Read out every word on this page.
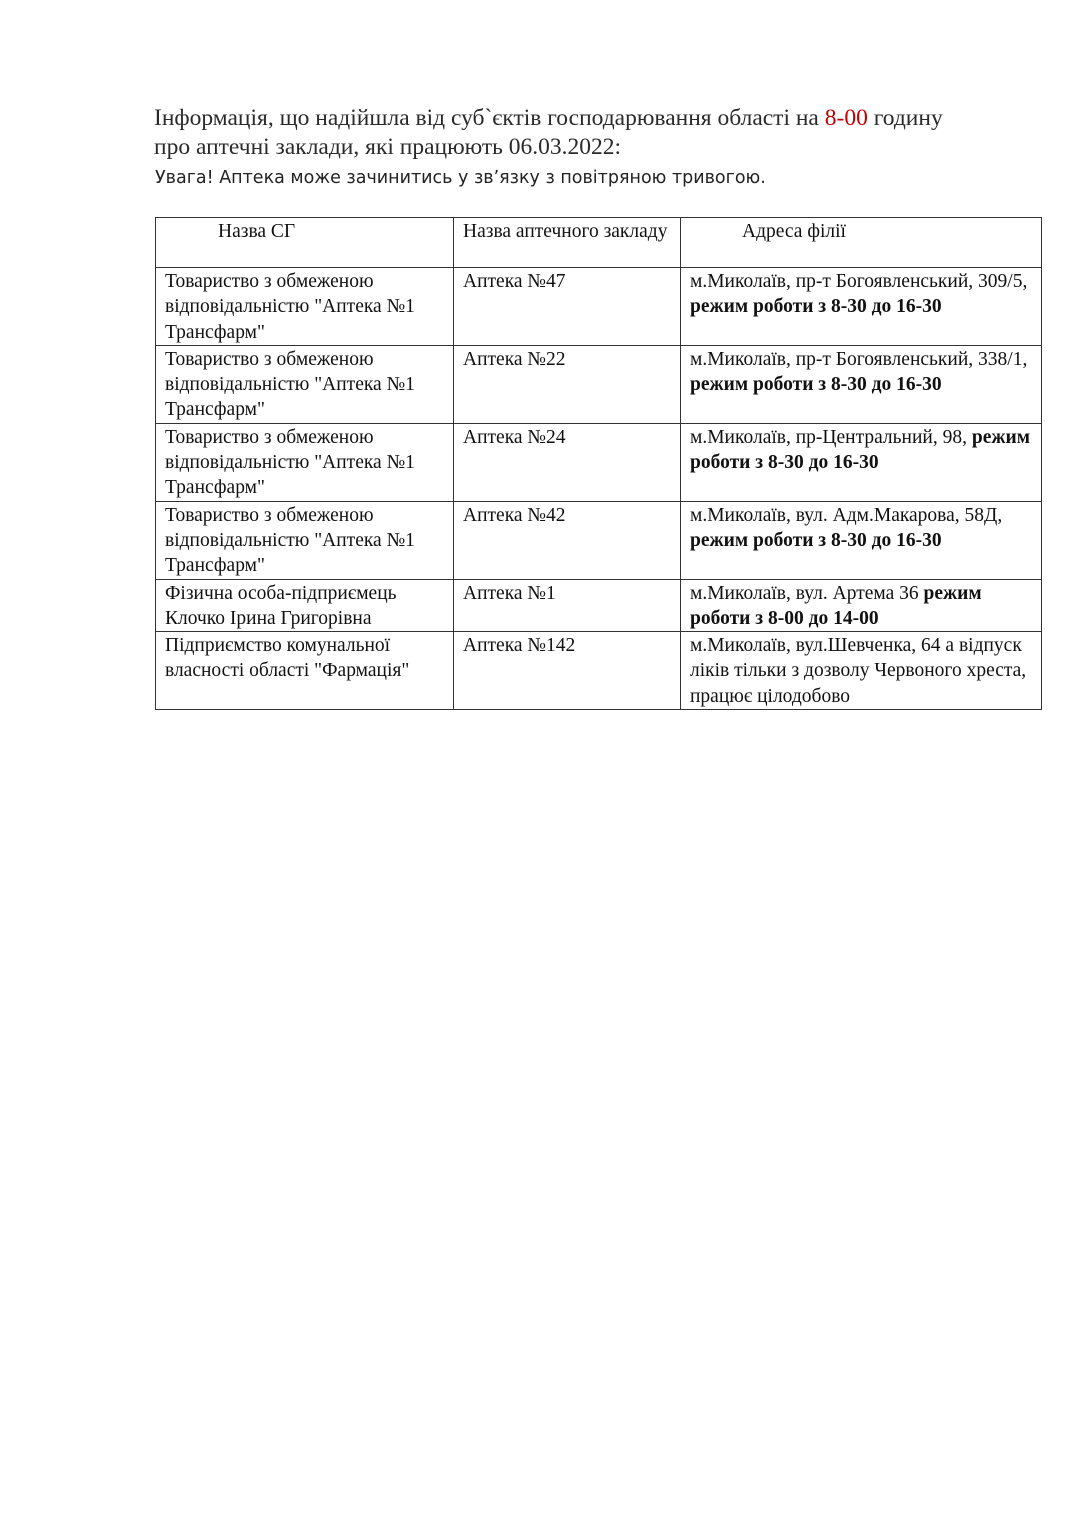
Інформація, що надійшла від суб`єктів господарювання області на 8-00 годину
про аптечні заклади, які працюють 06.03.2022:
Увага! Аптека може зачинитись у звʼязку з повітряною тривогою.
Назва СГ	Назва аптечного закладу	Адреса філії
Товариство з обмеженою відповідальністю "Аптека №1 Трансфарм"	Аптека №47	м.Миколаїв, пр-т Богоявленський, 309/5, режим роботи з 8-30 до 16-30
Товариство з обмеженою відповідальністю "Аптека №1 Трансфарм"	Аптека №22	м.Миколаїв, пр-т Богоявленський, 338/1, режим роботи з 8-30 до 16-30
Товариство з обмеженою відповідальністю "Аптека №1 Трансфарм"	Аптека №24	м.Миколаїв, пр-Центральний, 98, режим роботи з 8-30 до 16-30
Товариство з обмеженою відповідальністю "Аптека №1 Трансфарм"	Аптека №42	м.Миколаїв, вул. Адм.Макарова, 58Д, режим роботи з 8-30 до 16-30
Фізична особа-підприємець Клочко Ірина Григорівна	Аптека №1	м.Миколаїв, вул. Артема 36 режим роботи з 8-00 до 14-00
Підприємство комунальної власності області "Фармація"	Аптека №142	м.Миколаїв, вул.Шевченка, 64 а відпуск ліків тільки з дозволу Червоного хреста, працює цілодобово
